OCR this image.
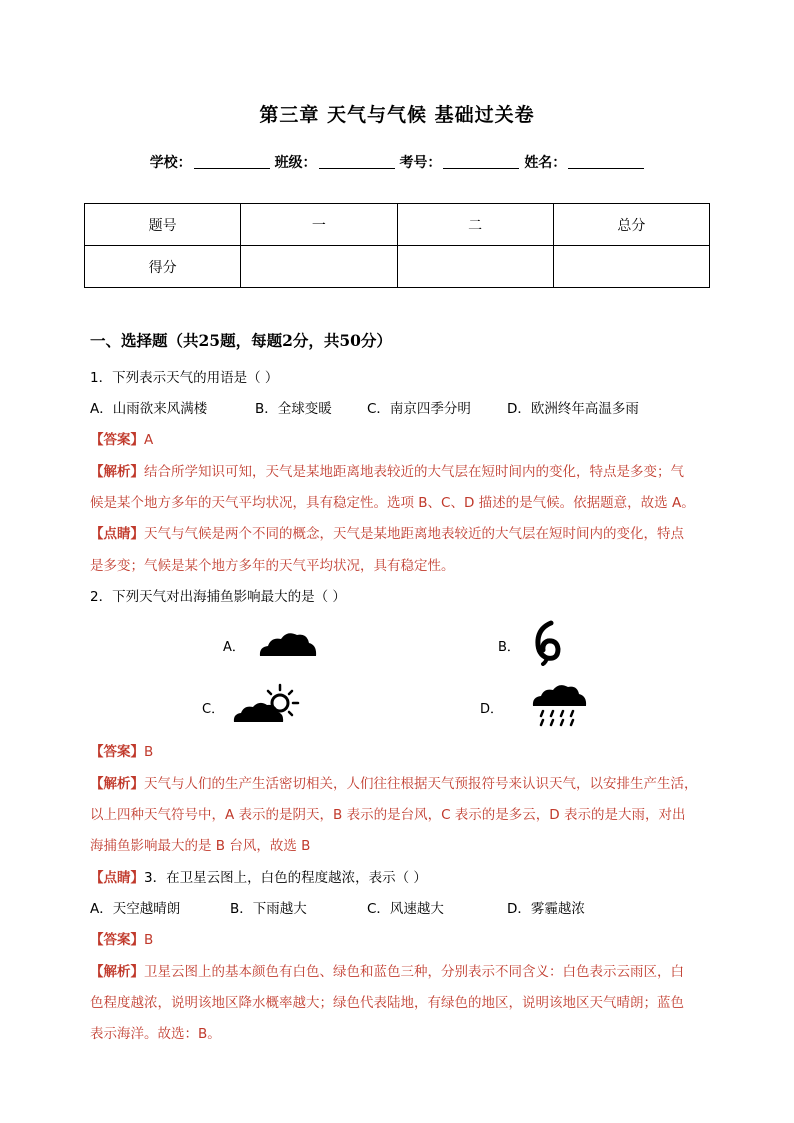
第三章 天气与气候 基础过关卷
学校：	班级：	考号：	姓名：
题号	一	二	总分
得分			
一、选择题（共25题，每题2分，共50分）
1．下列表示天气的用语是（ ）
A．山雨欲来风满楼	B．全球变暖	C．南京四季分明	D．欧洲终年高温多雨
【答案】A
【解析】结合所学知识可知，天气是某地距离地表较近的大气层在短时间内的变化，特点是多变；气
候是某个地方多年的天气平均状况，具有稳定性。选项 B、C、D 描述的是气候。依据题意，故选 A。
【点睛】天气与气候是两个不同的概念，天气是某地距离地表较近的大气层在短时间内的变化，特点
是多变；气候是某个地方多年的天气平均状况，具有稳定性。
2．下列天气对出海捕鱼影响最大的是（ ）
A．	B．
C．	D．
【答案】B
【解析】天气与人们的生产生活密切相关，人们往往根据天气预报符号来认识天气，以安排生产生活，
以上四种天气符号中，A 表示的是阴天，B 表示的是台风，C 表示的是多云，D 表示的是大雨，对出
海捕鱼影响最大的是 B 台风，故选 B
【点睛】3．在卫星云图上，白色的程度越浓，表示（ ）
A．天空越晴朗	B．下雨越大	C．风速越大	D．雾霾越浓
【答案】B
【解析】卫星云图上的基本颜色有白色、绿色和蓝色三种，分别表示不同含义：白色表示云雨区，白
色程度越浓，说明该地区降水概率越大；绿色代表陆地，有绿色的地区，说明该地区天气晴朗；蓝色
表示海洋。故选：B。
